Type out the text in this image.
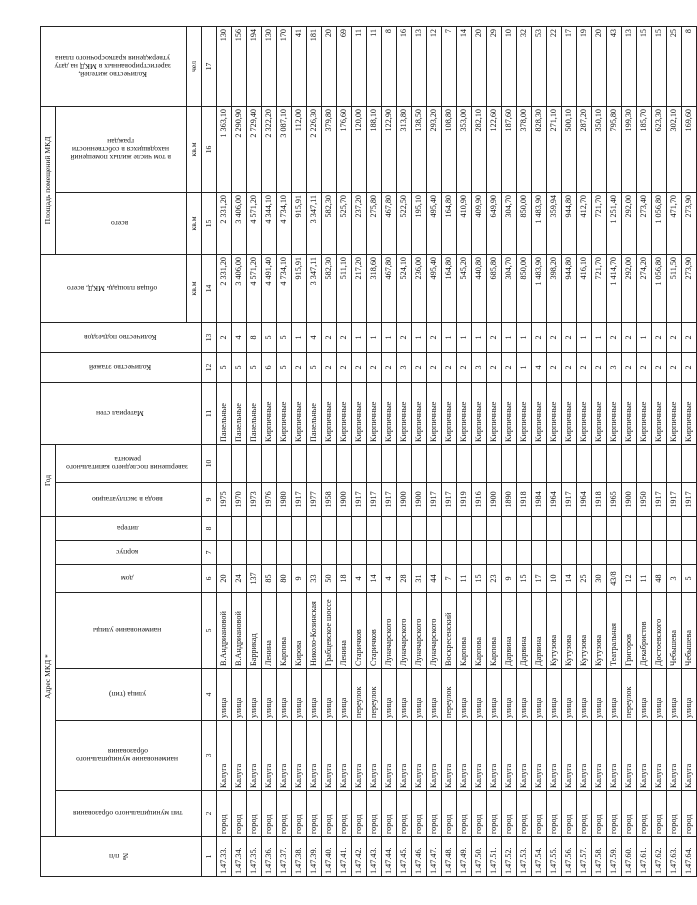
№ п/п	Адрес МКД *							Год		Материал стен	Количество этажей	Количество подъездов	общая площадь МКД, всего	Площадь помещений МКД		Количество жителей, зарегистрированных в МКД на дату утверждения краткосрочного плана
	тип муниципального образования	наименование муниципального образования	улица (тип)	наименование улицы	дом	корпус	литера	ввода в эксплуатацию	завершения последнего капитального ремонта					всего	в том числе жилых помещений находящихся в собственности граждан	
													кв.м	кв.м	кв.м	чел
1	2	3	4	5	6	7	8	9	10	11	12	13	14	15	16	17
1.47.33.	город	Калуга	улица	В.Андриановой	20			1975		Панельные	5	2	2 331,20	2 331,20	1 363,10	130
1.47.34.	город	Калуга	улица	В.Андриановой	24			1970		Панельные	5	4	3 406,00	3 406,00	2 290,90	156
1.47.35.	город	Калуга	улица	Баррикад	137			1973		Панельные	5	8	4 571,20	4 571,20	2 729,40	194
1.47.36.	город	Калуга	улица	Ленина	85			1976		Кирпичные	6	5	4 491,40	4 344,10	2 322,20	130
1.47.37.	город	Калуга	улица	Карпова	80			1980		Кирпичные	5	5	4 734,10	4 734,10	3 087,10	170
1.47.38.	город	Калуга	улица	Кирова	9			1917		Кирпичные	2	1	915,91	915,91	112,00	41
1.47.39.	город	Калуга	улица	Николо-Козинская	33			1977		Панельные	5	4	3 347,11	3 347,11	2 226,30	181
1.47.40.	город	Калуга	улица	Грабцевское шоссе	50			1958		Кирпичные	2	2	582,30	582,30	379,80	20
1.47.41.	город	Калуга	улица	Ленина	18			1900		Кирпичные	2	2	511,10	525,70	176,60	69
1.47.42.	город	Калуга	переулок	Старичков	4			1917		Кирпичные	2	1	217,20	237,20	120,00	11
1.47.43.	город	Калуга	переулок	Старичков	14			1917		Кирпичные	2	1	318,60	275,80	188,10	11
1.47.44.	город	Калуга	улица	Луначарского	4			1917		Кирпичные	2	1	467,80	467,80	122,90	8
1.47.45.	город	Калуга	улица	Луначарского	28			1900		Кирпичные	3	2	524,10	522,50	313,80	16
1.47.46.	город	Калуга	улица	Луначарского	31			1900		Кирпичные	2	1	236,00	195,10	138,50	13
1.47.47.	город	Калуга	улица	Луначарского	44			1917		Кирпичные	2	2	495,40	495,40	293,20	12
1.47.48.	город	Калуга	переулок	Воскресенский	7			1917		Кирпичные	2	1	164,80	164,80	108,80	7
1.47.49.	город	Калуга	улица	Карпова	11			1919		Кирпичные	2	1	545,20	410,90	353,00	14
1.47.50.	город	Калуга	улица	Карпова	15			1916		Кирпичные	3	1	440,80	409,90	282,10	20
1.47.51.	город	Калуга	улица	Карпова	23			1900		Кирпичные	2	2	685,80	649,90	122,60	29
1.47.52.	город	Калуга	улица	Дарвина	9			1890		Кирпичные	2	1	304,70	304,70	187,60	10
1.47.53.	город	Калуга	улица	Дарвина	15			1918		Кирпичные	1	1	850,00	850,00	378,00	32
1.47.54.	город	Калуга	улица	Дарвина	17			1984		Кирпичные	4	2	1 483,90	1 483,90	828,30	53
1.47.55.	город	Калуга	улица	Кутузова	10			1964		Кирпичные	2	2	398,20	359,94	271,10	22
1.47.56.	город	Калуга	улица	Кутузова	14			1917		Кирпичные	2	2	944,80	944,80	500,10	17
1.47.57.	город	Калуга	улица	Кутузова	25			1964		Кирпичные	2	1	416,10	412,70	287,20	19
1.47.58.	город	Калуга	улица	Кутузова	30			1918		Кирпичные	2	1	721,70	721,70	350,10	20
1.47.59.	город	Калуга	улица	Театральная	43/8			1965		Кирпичные	3	2	1 414,70	1 251,40	795,80	43
1.47.60.	город	Калуга	переулок	Григоров	12			1900		Кирпичные	2	2	292,00	292,00	199,30	13
1.47.61.	город	Калуга	улица	Декабристов	11			1950		Кирпичные	2	1	274,20	273,40	185,70	15
1.47.62.	город	Калуга	улица	Достоевского	48			1917		Кирпичные	2	2	1 056,80	1 056,80	623,30	15
1.47.63.	город	Калуга	улица	Чебышева	3			1917		Кирпичные	2	2	511,50	471,70	302,10	25
1.47.64.	город	Калуга	улица	Чебышева	5			1917		Кирпичные	2	2	273,90	273,90	169,60	8
